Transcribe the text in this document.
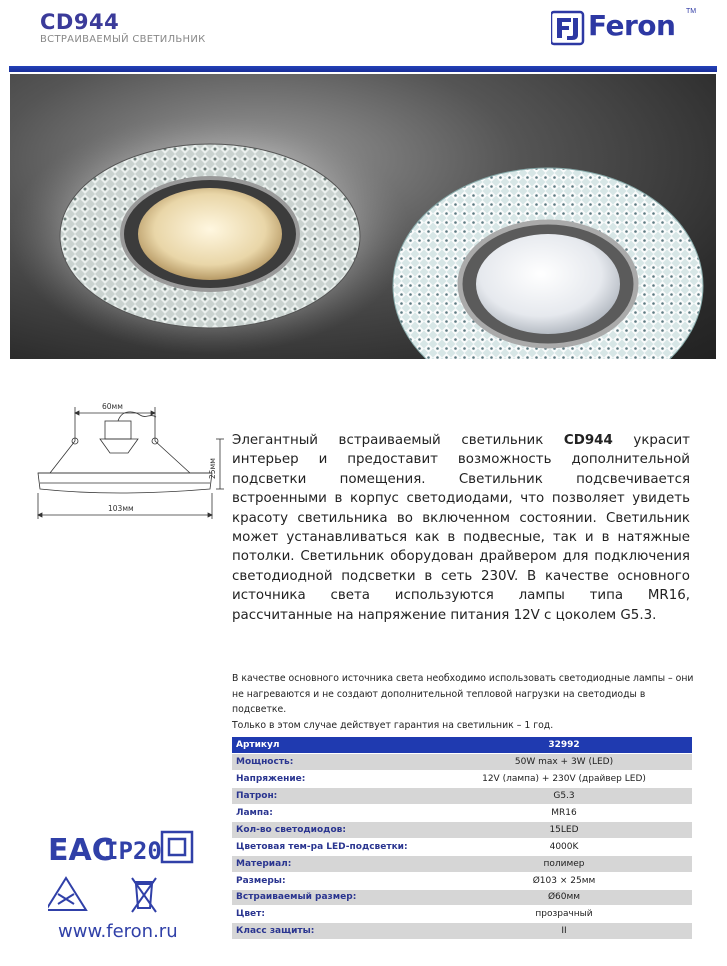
CD944
ВСТРАИВАЕМЫЙ СВЕТИЛЬНИК	Feron TM
60мм
25мм
103мм
Элегантный встраиваемый светильник CD944 украсит интерьер и предоставит возможность дополнительной подсветки помещения. Светильник подсвечивается встроенными в корпус светодиодами, что позволяет увидеть красоту светильника во включенном состоянии. Светильник может устанавливаться как в подвесные, так и в натяжные потолки. Светильник оборудован драйвером для подключения светодиодной подсветки в сеть 230V. В качестве основного источника света используются лампы типа MR16, рассчитанные на напряжение питания 12V с цоколем G5.3.
В качестве основного источника света необходимо использовать светодиодные лампы – они
не нагреваются и не создают дополнительной тепловой нагрузки на светодиоды в подсветке.
Только в этом случае действует гарантия на светильник – 1 год.
Артикул	32992
Мощность:	50W max + 3W (LED)
Напряжение:	12V (лампа) + 230V (драйвер LED)
Патрон:	G5.3
Лампа:	MR16
Кол-во светодиодов:	15LED
Цветовая тем-ра LED-подсветки:	4000K
Материал:	полимер
Размеры:	Ø103 × 25мм
Встраиваемый размер:	Ø60мм
Цвет:	прозрачный
Класс защиты:	II
EAC
IP20
www.feron.ru
